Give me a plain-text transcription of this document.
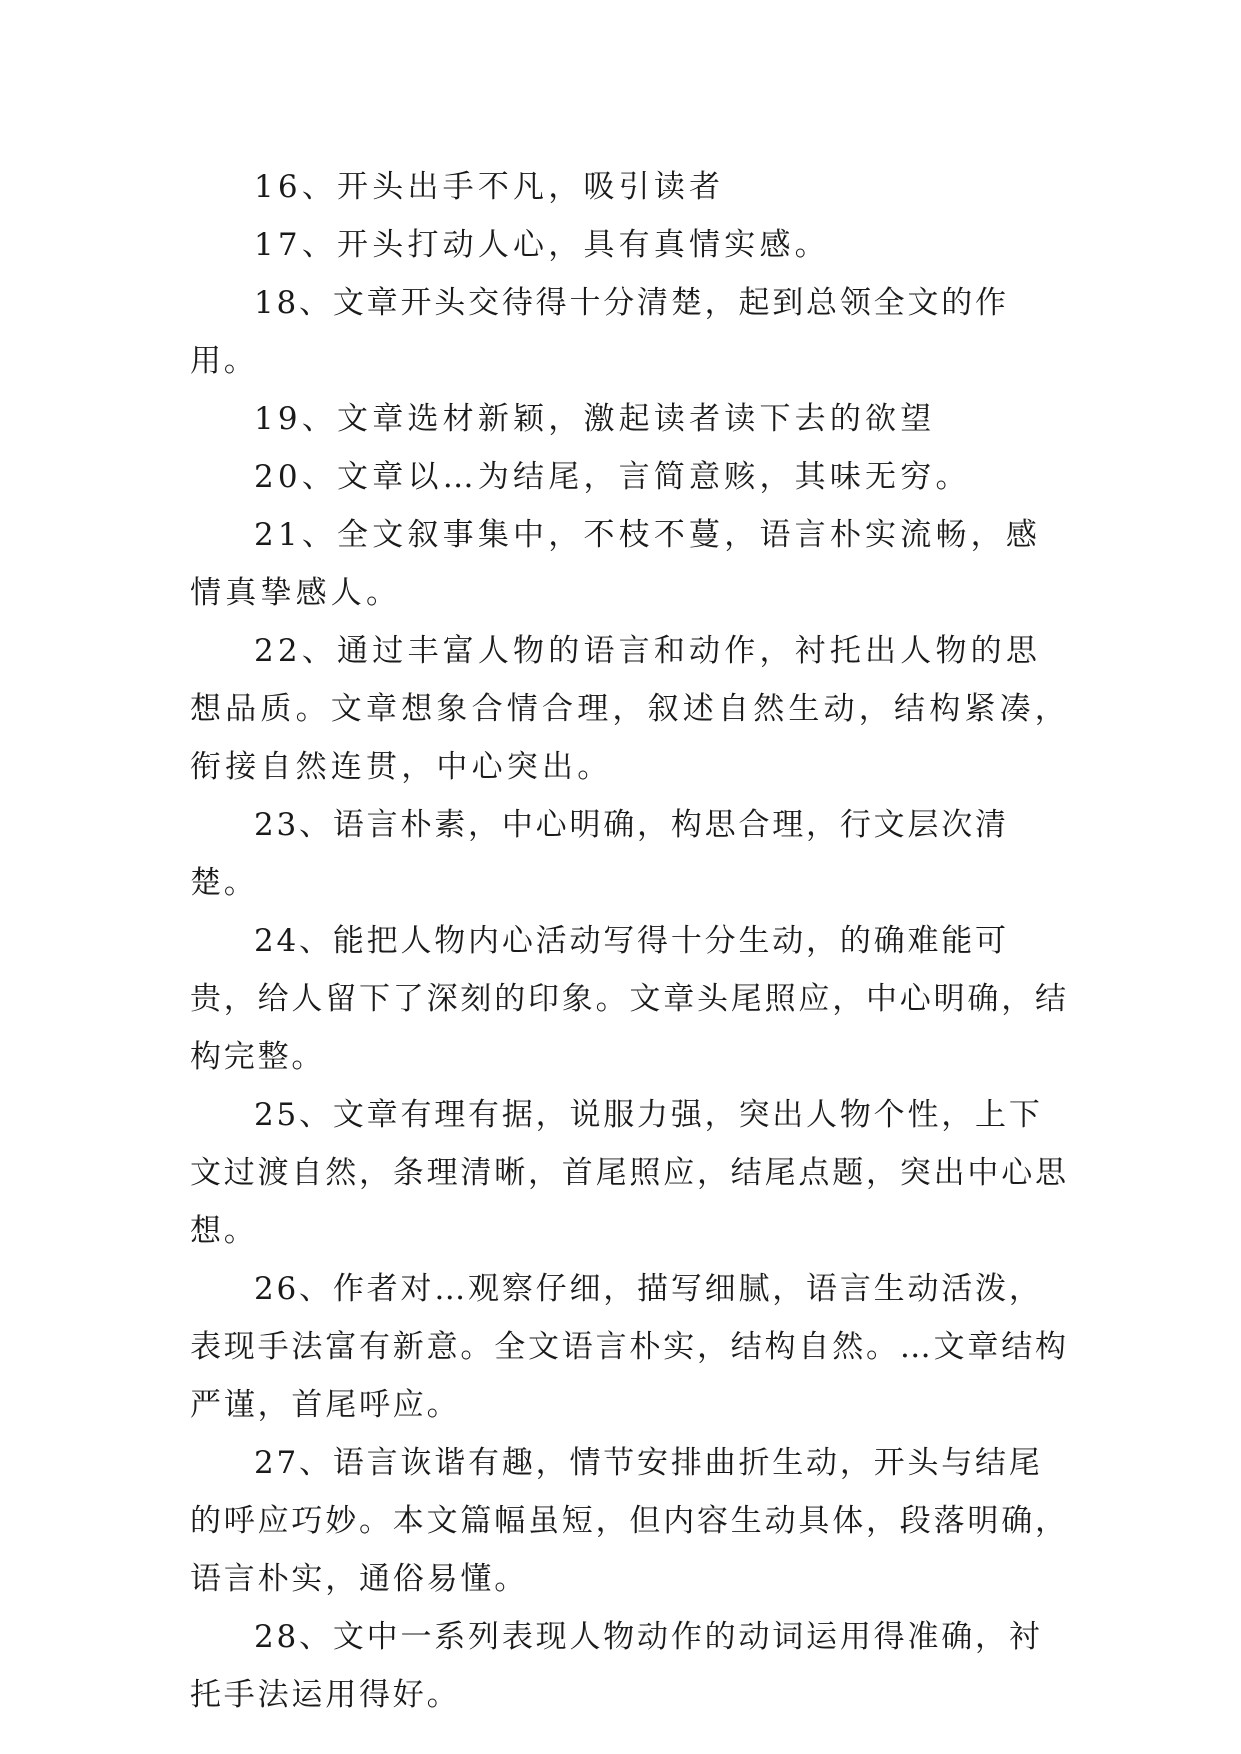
16、开头出手不凡，吸引读者

17、开头打动人心，具有真情实感。

18、文章开头交待得十分清楚，起到总领全文的作用。

19、文章选材新颖，激起读者读下去的欲望

20、文章以…为结尾，言简意赅，其味无穷。

21、全文叙事集中，不枝不蔓，语言朴实流畅，感情真挚感人。

22、通过丰富人物的语言和动作，衬托出人物的思想品质。文章想象合情合理，叙述自然生动，结构紧凑，衔接自然连贯，中心突出。

23、语言朴素，中心明确，构思合理，行文层次清楚。

24、能把人物内心活动写得十分生动，的确难能可贵，给人留下了深刻的印象。文章头尾照应，中心明确，结构完整。

25、文章有理有据，说服力强，突出人物个性，上下文过渡自然，条理清晰，首尾照应，结尾点题，突出中心思想。

26、作者对…观察仔细，描写细腻，语言生动活泼，表现手法富有新意。全文语言朴实，结构自然。…文章结构严谨，首尾呼应。

27、语言诙谐有趣，情节安排曲折生动，开头与结尾的呼应巧妙。本文篇幅虽短，但内容生动具体，段落明确，语言朴实，通俗易懂。

28、文中一系列表现人物动作的动词运用得准确，衬托手法运用得好。
